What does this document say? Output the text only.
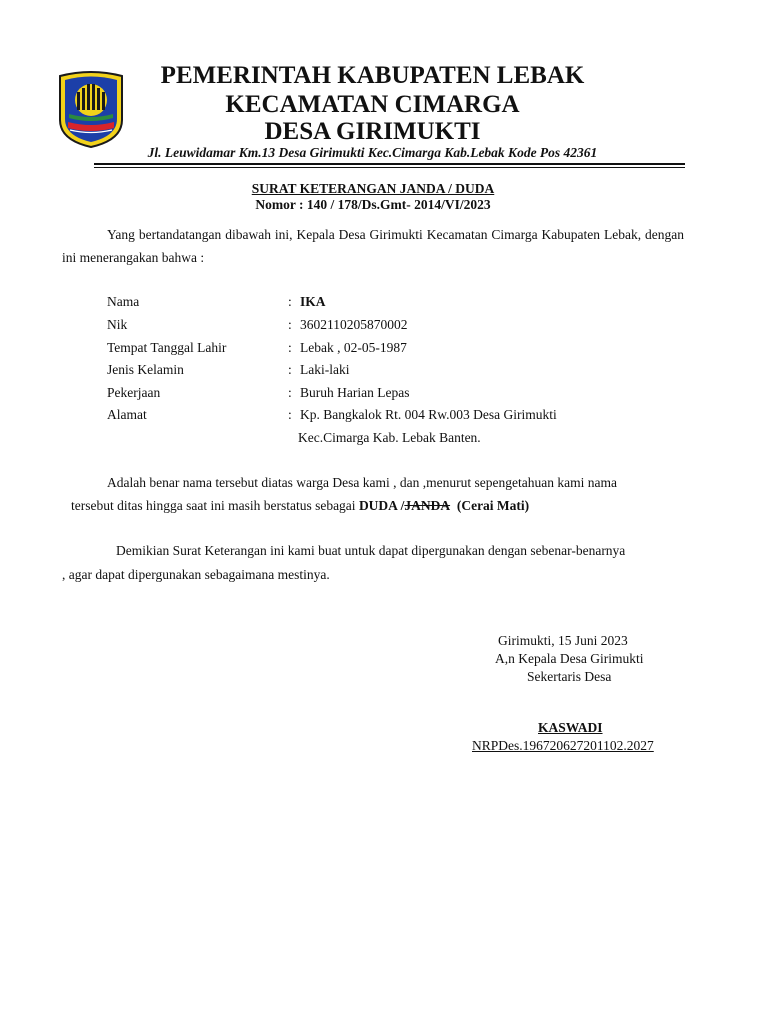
PEMERINTAH KABUPATEN LEBAK
KECAMATAN CIMARGA
DESA GIRIMUKTI
Jl. Leuwidamar Km.13 Desa Girimukti Kec.Cimarga Kab.Lebak Kode Pos 42361
SURAT KETERANGAN JANDA / DUDA
Nomor : 140 / 178/Ds.Gmt- 2014/VI/2023
Yang bertandatangan dibawah ini, Kepala Desa Girimukti Kecamatan Cimarga Kabupaten Lebak, dengan ini menerangakan bahwa :
Nama	: IKA
Nik	: 3602110205870002
Tempat Tanggal Lahir	: Lebak , 02-05-1987
Jenis Kelamin	: Laki-laki
Pekerjaan	: Buruh Harian Lepas
Alamat	: Kp. Bangkalok Rt. 004 Rw.003 Desa Girimukti
Kec.Cimarga Kab. Lebak Banten.
Adalah benar nama tersebut diatas warga Desa kami , dan ,menurut sepengetahuan kami nama
tersebut ditas hingga saat ini masih berstatus sebagai DUDA /JANDA (Cerai Mati)
Demikian Surat Keterangan ini kami buat untuk dapat dipergunakan dengan sebenar-benarnya
, agar dapat dipergunakan sebagaimana mestinya.
Girimukti, 15 Juni 2023
A,n Kepala Desa Girimukti
Sekertaris Desa
KASWADI
NRPDes.196720627201102.2027
